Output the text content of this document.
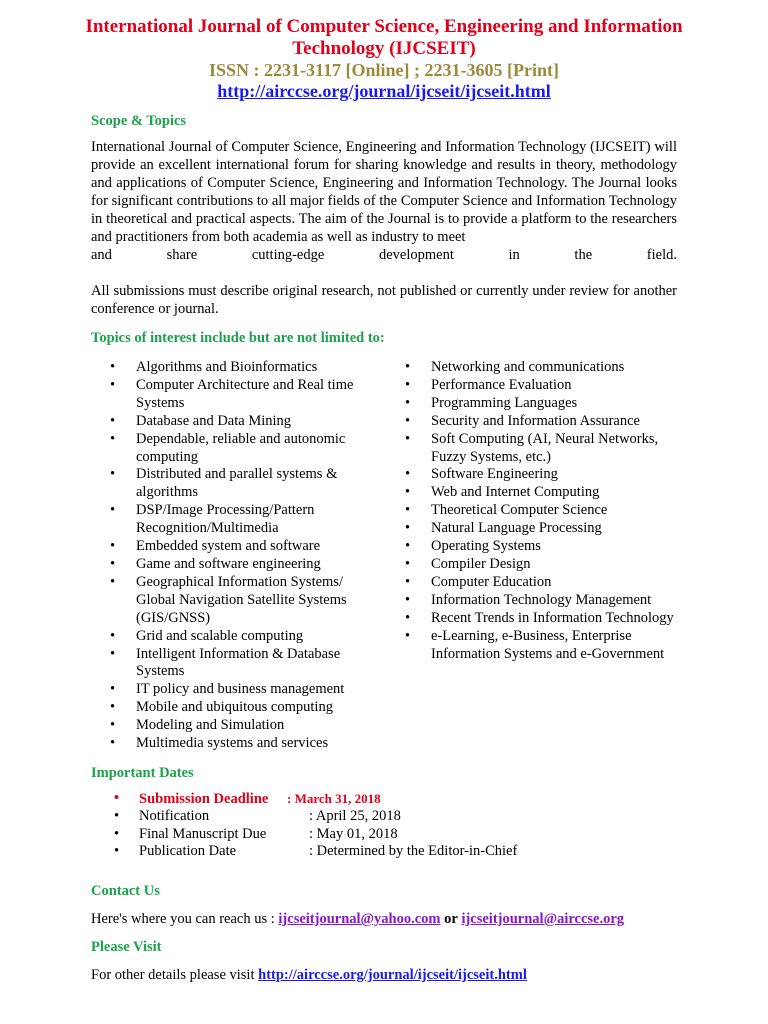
International Journal of Computer Science, Engineering and Information
Technology (IJCSEIT)
ISSN : 2231-3117 [Online] ; 2231-3605 [Print]
http://airccse.org/journal/ijcseit/ijcseit.html
Scope & Topics
International Journal of Computer Science, Engineering and Information Technology (IJCSEIT) will provide an excellent international forum for sharing knowledge and results in theory, methodology and applications of Computer Science, Engineering and Information Technology. The Journal looks for significant contributions to all major fields of the Computer Science and Information Technology in theoretical and practical aspects. The aim of the Journal is to provide a platform to the researchers and practitioners from both academia as well as industry to meet
and share cutting-edge development in the field.
All submissions must describe original research, not published or currently under review for another conference or journal.
Topics of interest include but are not limited to:
• Algorithms and Bioinformatics
• Computer Architecture and Real time Systems
• Database and Data Mining
• Dependable, reliable and autonomic computing
• Distributed and parallel systems & algorithms
• DSP/Image Processing/Pattern Recognition/Multimedia
• Embedded system and software
• Game and software engineering
• Geographical Information Systems/ Global Navigation Satellite Systems (GIS/GNSS)
• Grid and scalable computing
• Intelligent Information & Database Systems
• IT policy and business management
• Mobile and ubiquitous computing
• Modeling and Simulation
• Multimedia systems and services
• Networking and communications
• Performance Evaluation
• Programming Languages
• Security and Information Assurance
• Soft Computing (AI, Neural Networks, Fuzzy Systems, etc.)
• Software Engineering
• Web and Internet Computing
• Theoretical Computer Science
• Natural Language Processing
• Operating Systems
• Compiler Design
• Computer Education
• Information Technology Management
• Recent Trends in Information Technology
• e-Learning, e-Business, Enterprise Information Systems and e-Government
Important Dates
• Submission Deadline : March 31, 2018
• Notification	: April 25, 2018
• Final Manuscript Due	: May 01, 2018
• Publication Date	: Determined by the Editor-in-Chief
Contact Us
Here's where you can reach us : ijcseitjournal@yahoo.com or ijcseitjournal@airccse.org
Please Visit
For other details please visit http://airccse.org/journal/ijcseit/ijcseit.html
